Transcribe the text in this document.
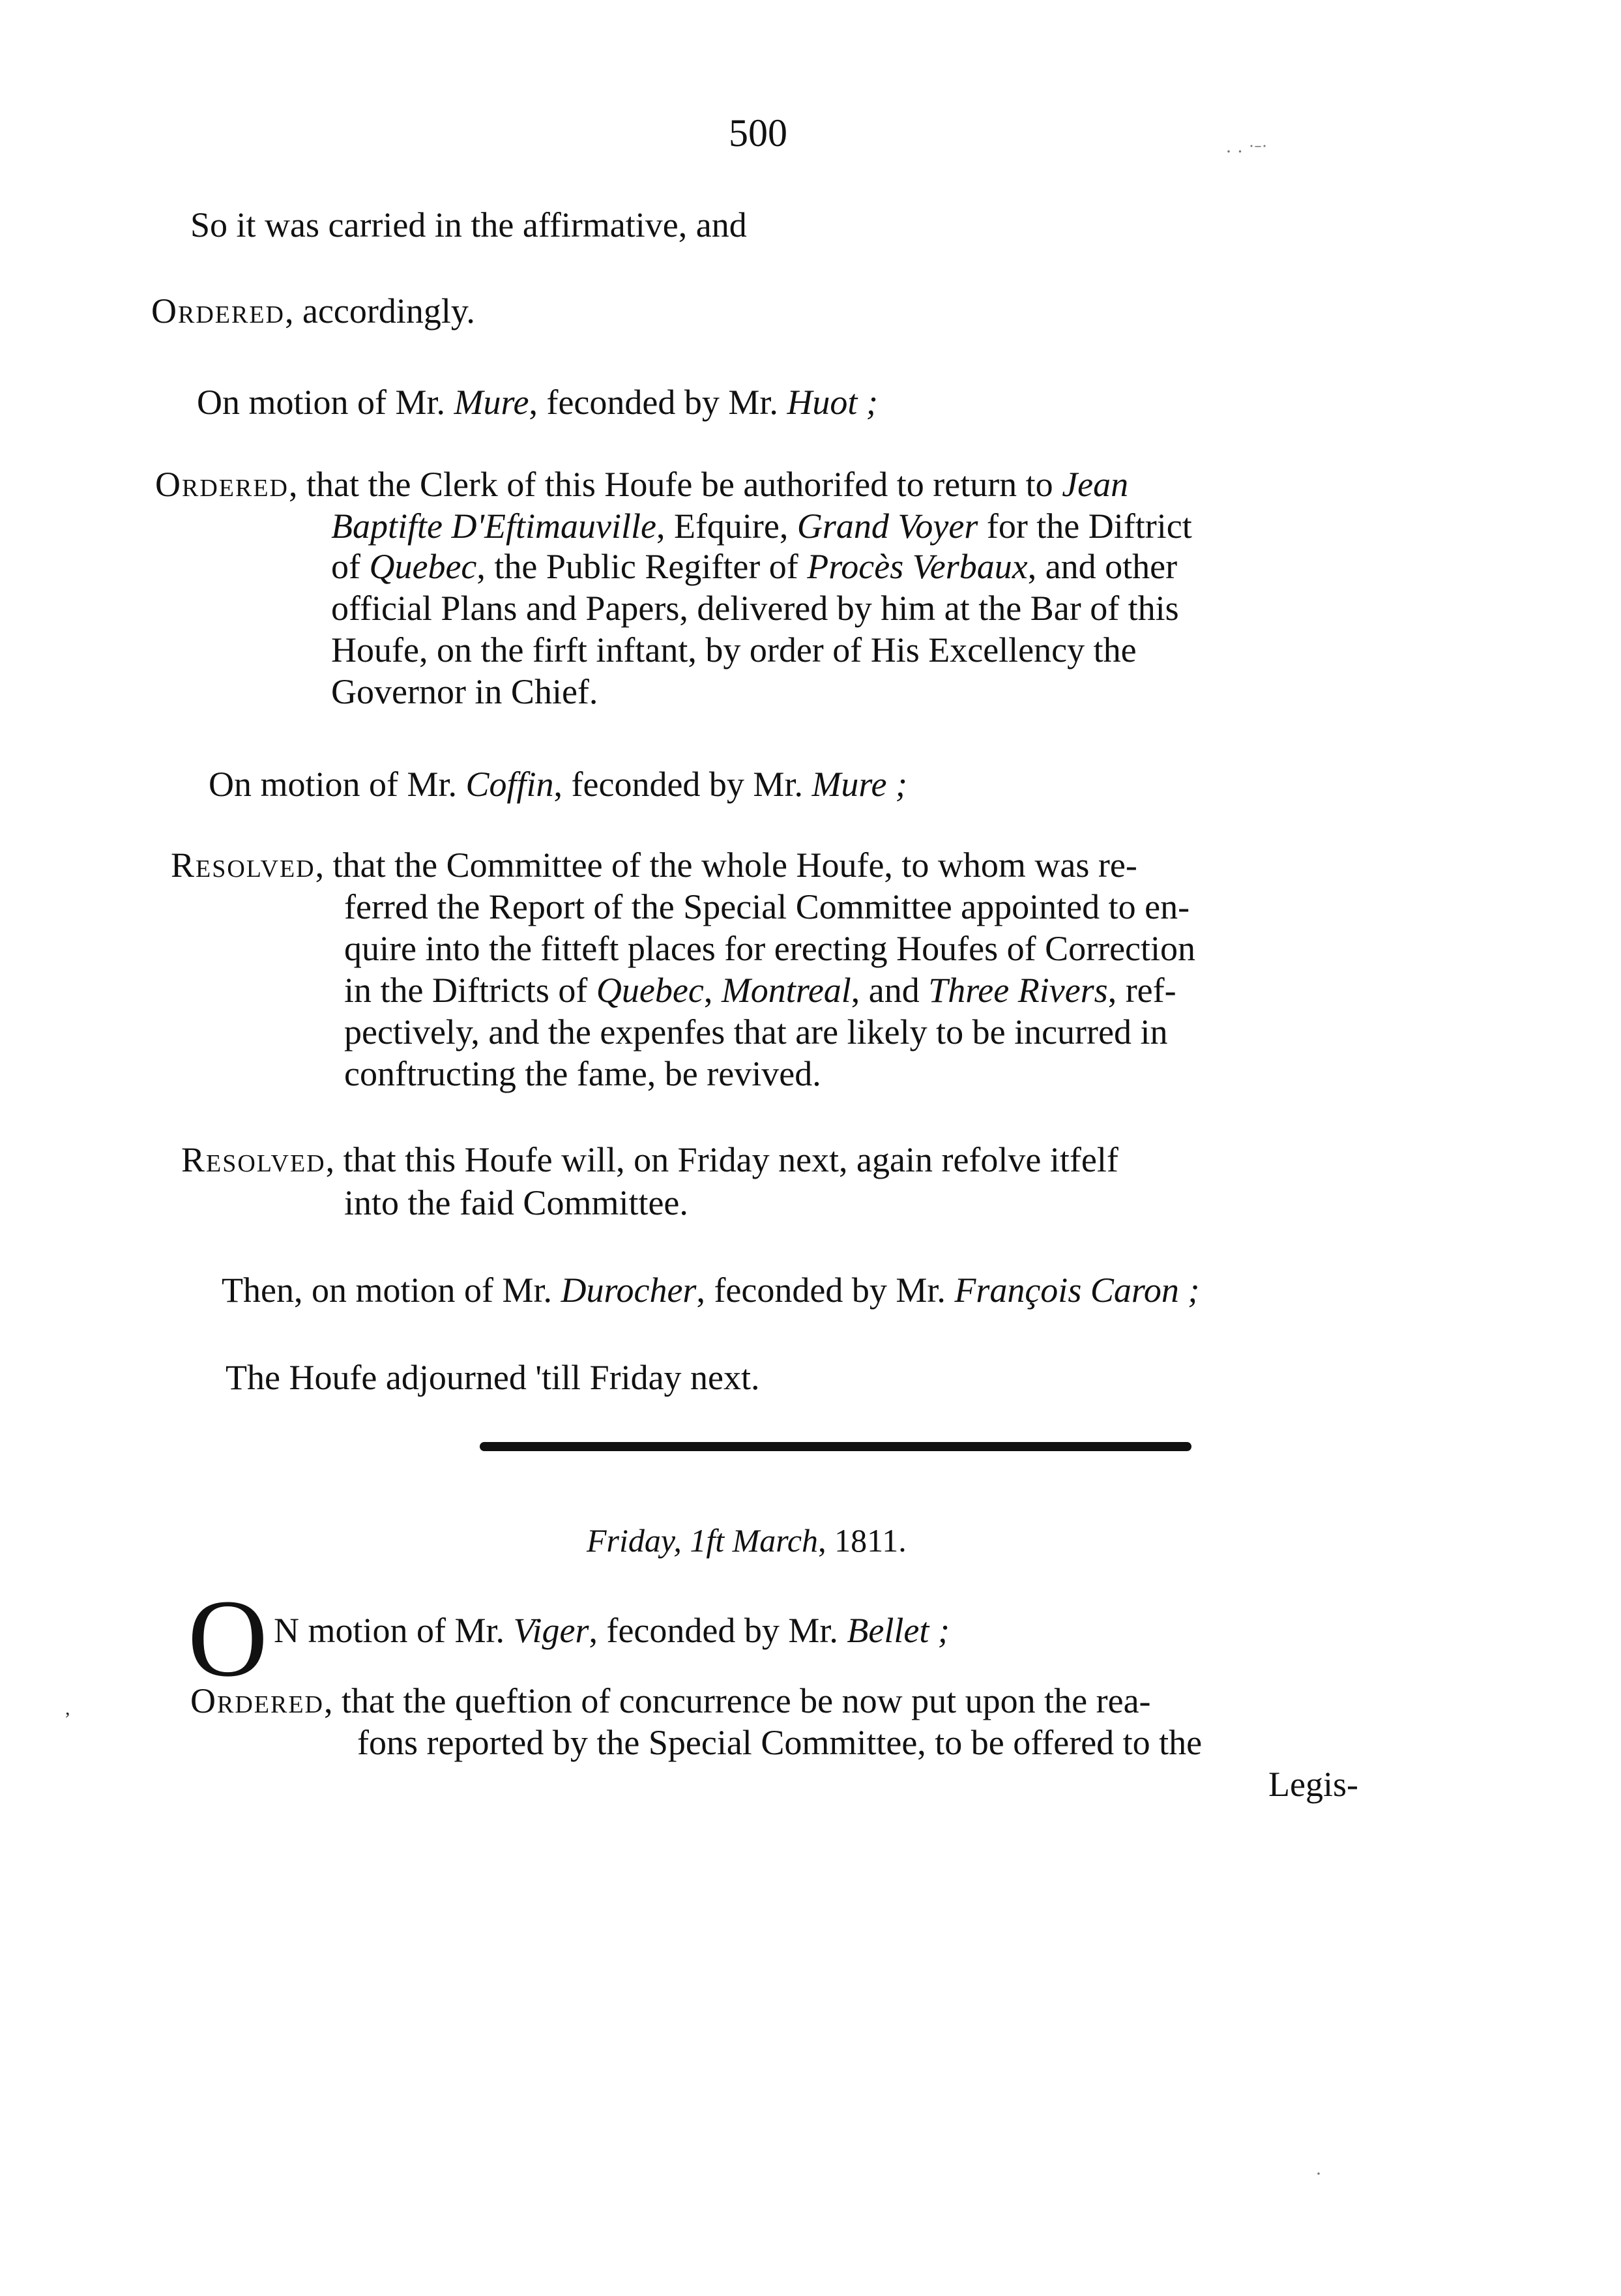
500
So it was carried in the affirmative, and
Ordered, accordingly.
On motion of Mr. Mure, feconded by Mr. Huot ;
Ordered, that the Clerk of this Houfe be authorifed to return to Jean
Baptifte D'Eftimauville, Efquire, Grand Voyer for the Diftrict
of Quebec, the Public Regifter of Procès Verbaux, and other
official Plans and Papers, delivered by him at the Bar of this
Houfe, on the firft inftant, by order of His Excellency the
Governor in Chief.
On motion of Mr. Coffin, feconded by Mr. Mure ;
Resolved, that the Committee of the whole Houfe, to whom was re-
ferred the Report of the Special Committee appointed to en-
quire into the fitteft places for erecting Houfes of Correction
in the Diftricts of Quebec, Montreal, and Three Rivers, ref-
pectively, and the expenfes that are likely to be incurred in
conftructing the fame, be revived.
Resolved, that this Houfe will, on Friday next, again refolve itfelf
into the faid Committee.
Then, on motion of Mr. Durocher, feconded by Mr. François Caron ;
The Houfe adjourned 'till Friday next.
Friday, 1ft March, 1811.
O N motion of Mr. Viger, feconded by Mr. Bellet ;
Ordered, that the queftion of concurrence be now put upon the rea-
fons reported by the Special Committee, to be offered to the
Legis-
· · ˙ˉ˙
,
·
